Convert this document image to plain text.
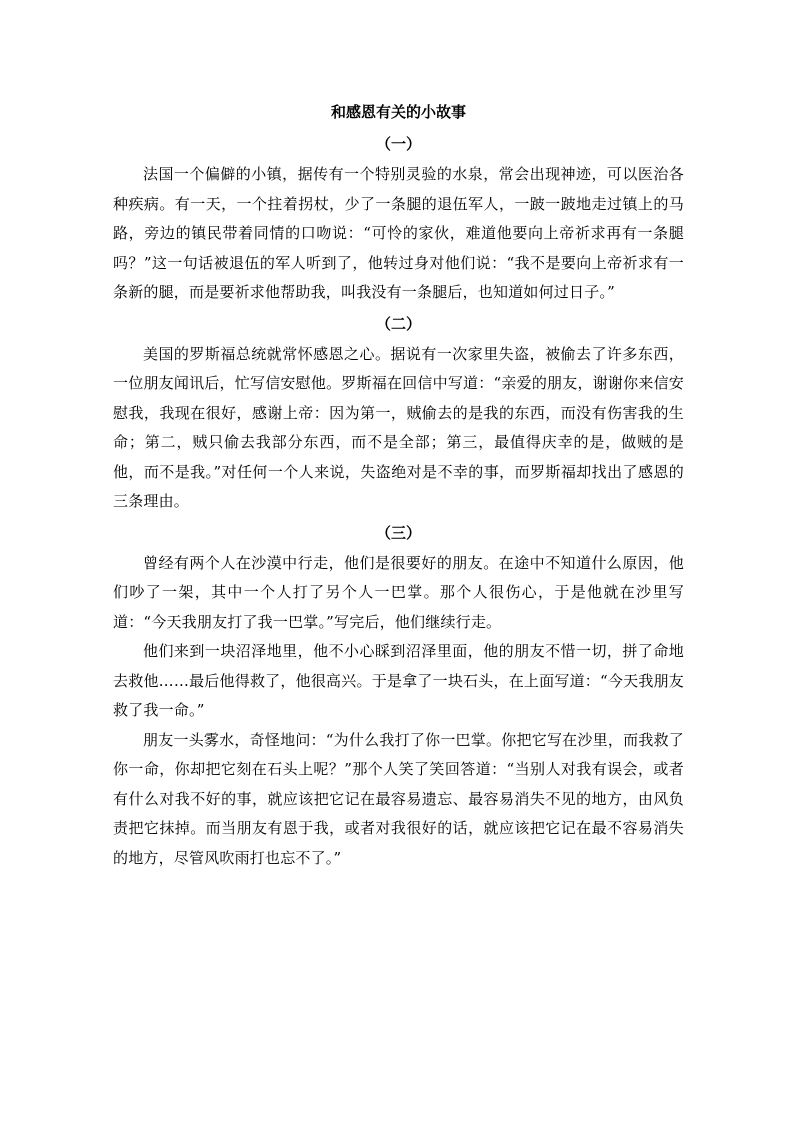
和感恩有关的小故事
（一）

法国一个偏僻的小镇，据传有一个特别灵验的水泉，常会出现神迹，可以医治各种疾病。有一天，一个拄着拐杖，少了一条腿的退伍军人，一跛一跛地走过镇上的马路，旁边的镇民带着同情的口吻说：“可怜的家伙，难道他要向上帝祈求再有一条腿吗？”这一句话被退伍的军人听到了，他转过身对他们说：“我不是要向上帝祈求有一条新的腿，而是要祈求他帮助我，叫我没有一条腿后，也知道如何过日子。”

（二）

美国的罗斯福总统就常怀感恩之心。据说有一次家里失盗，被偷去了许多东西，一位朋友闻讯后，忙写信安慰他。罗斯福在回信中写道：“亲爱的朋友，谢谢你来信安慰我，我现在很好，感谢上帝：因为第一，贼偷去的是我的东西，而没有伤害我的生命；第二，贼只偷去我部分东西，而不是全部；第三，最值得庆幸的是，做贼的是他，而不是我。”对任何一个人来说，失盗绝对是不幸的事，而罗斯福却找出了感恩的三条理由。

（三）

曾经有两个人在沙漠中行走，他们是很要好的朋友。在途中不知道什么原因，他们吵了一架，其中一个人打了另个人一巴掌。那个人很伤心，于是他就在沙里写道：“今天我朋友打了我一巴掌。”写完后，他们继续行走。

他们来到一块沼泽地里，他不小心睬到沼泽里面，他的朋友不惜一切，拼了命地去救他……最后他得救了，他很高兴。于是拿了一块石头，在上面写道：“今天我朋友救了我一命。”

朋友一头雾水，奇怪地问：“为什么我打了你一巴掌。你把它写在沙里，而我救了你一命，你却把它刻在石头上呢？”那个人笑了笑回答道：“当别人对我有误会，或者有什么对我不好的事，就应该把它记在最容易遗忘、最容易消失不见的地方，由风负责把它抹掉。而当朋友有恩于我，或者对我很好的话，就应该把它记在最不容易消失的地方，尽管风吹雨打也忘不了。”
